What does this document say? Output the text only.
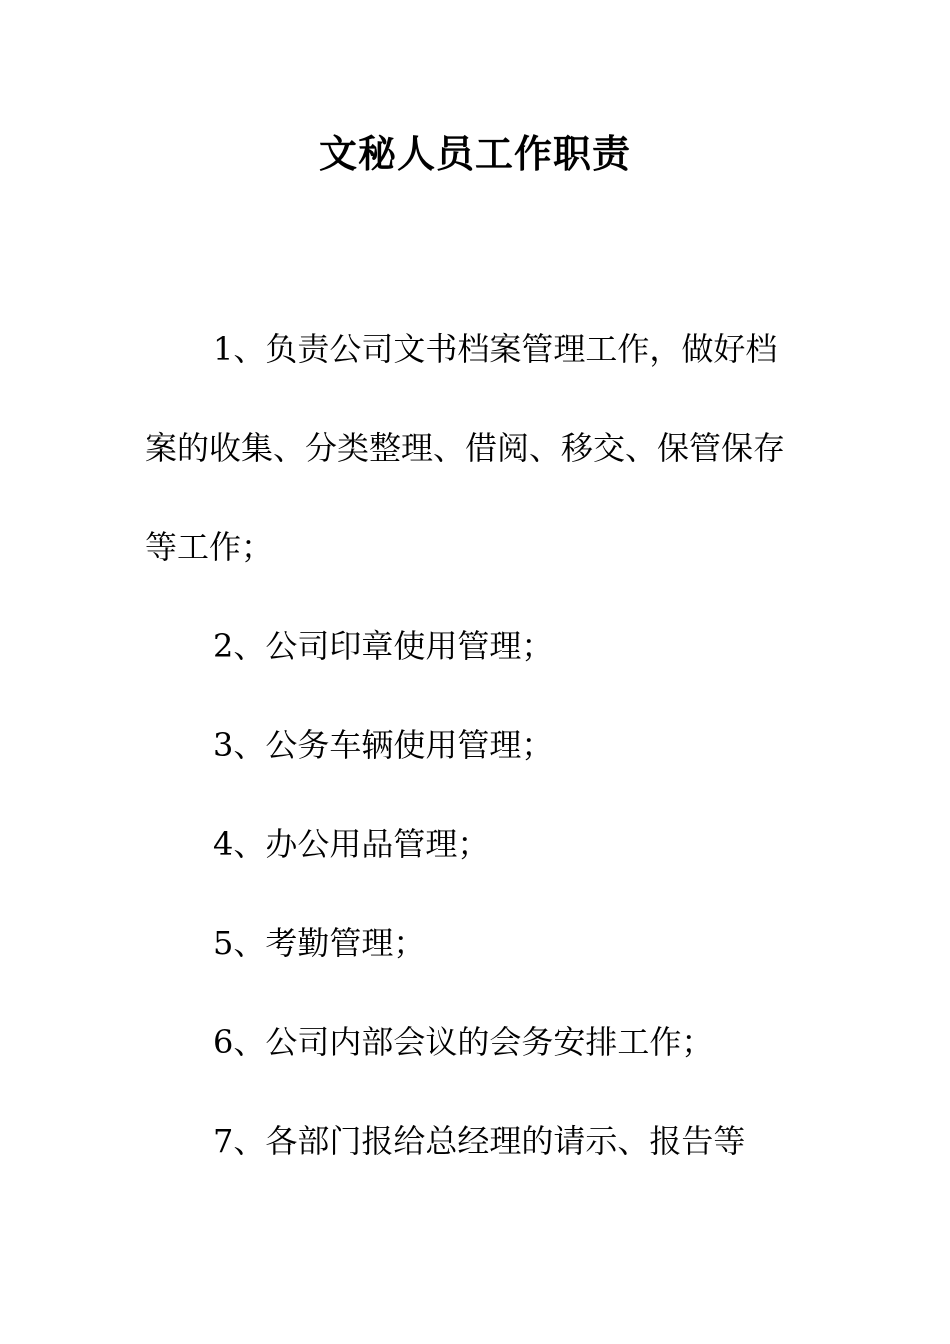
文秘人员工作职责

1、负责公司文书档案管理工作，做好档案的收集、分类整理、借阅、移交、保管保存等工作；

2、公司印章使用管理；

3、公务车辆使用管理；

4、办公用品管理；

5、考勤管理；

6、公司内部会议的会务安排工作；

7、各部门报给总经理的请示、报告等
